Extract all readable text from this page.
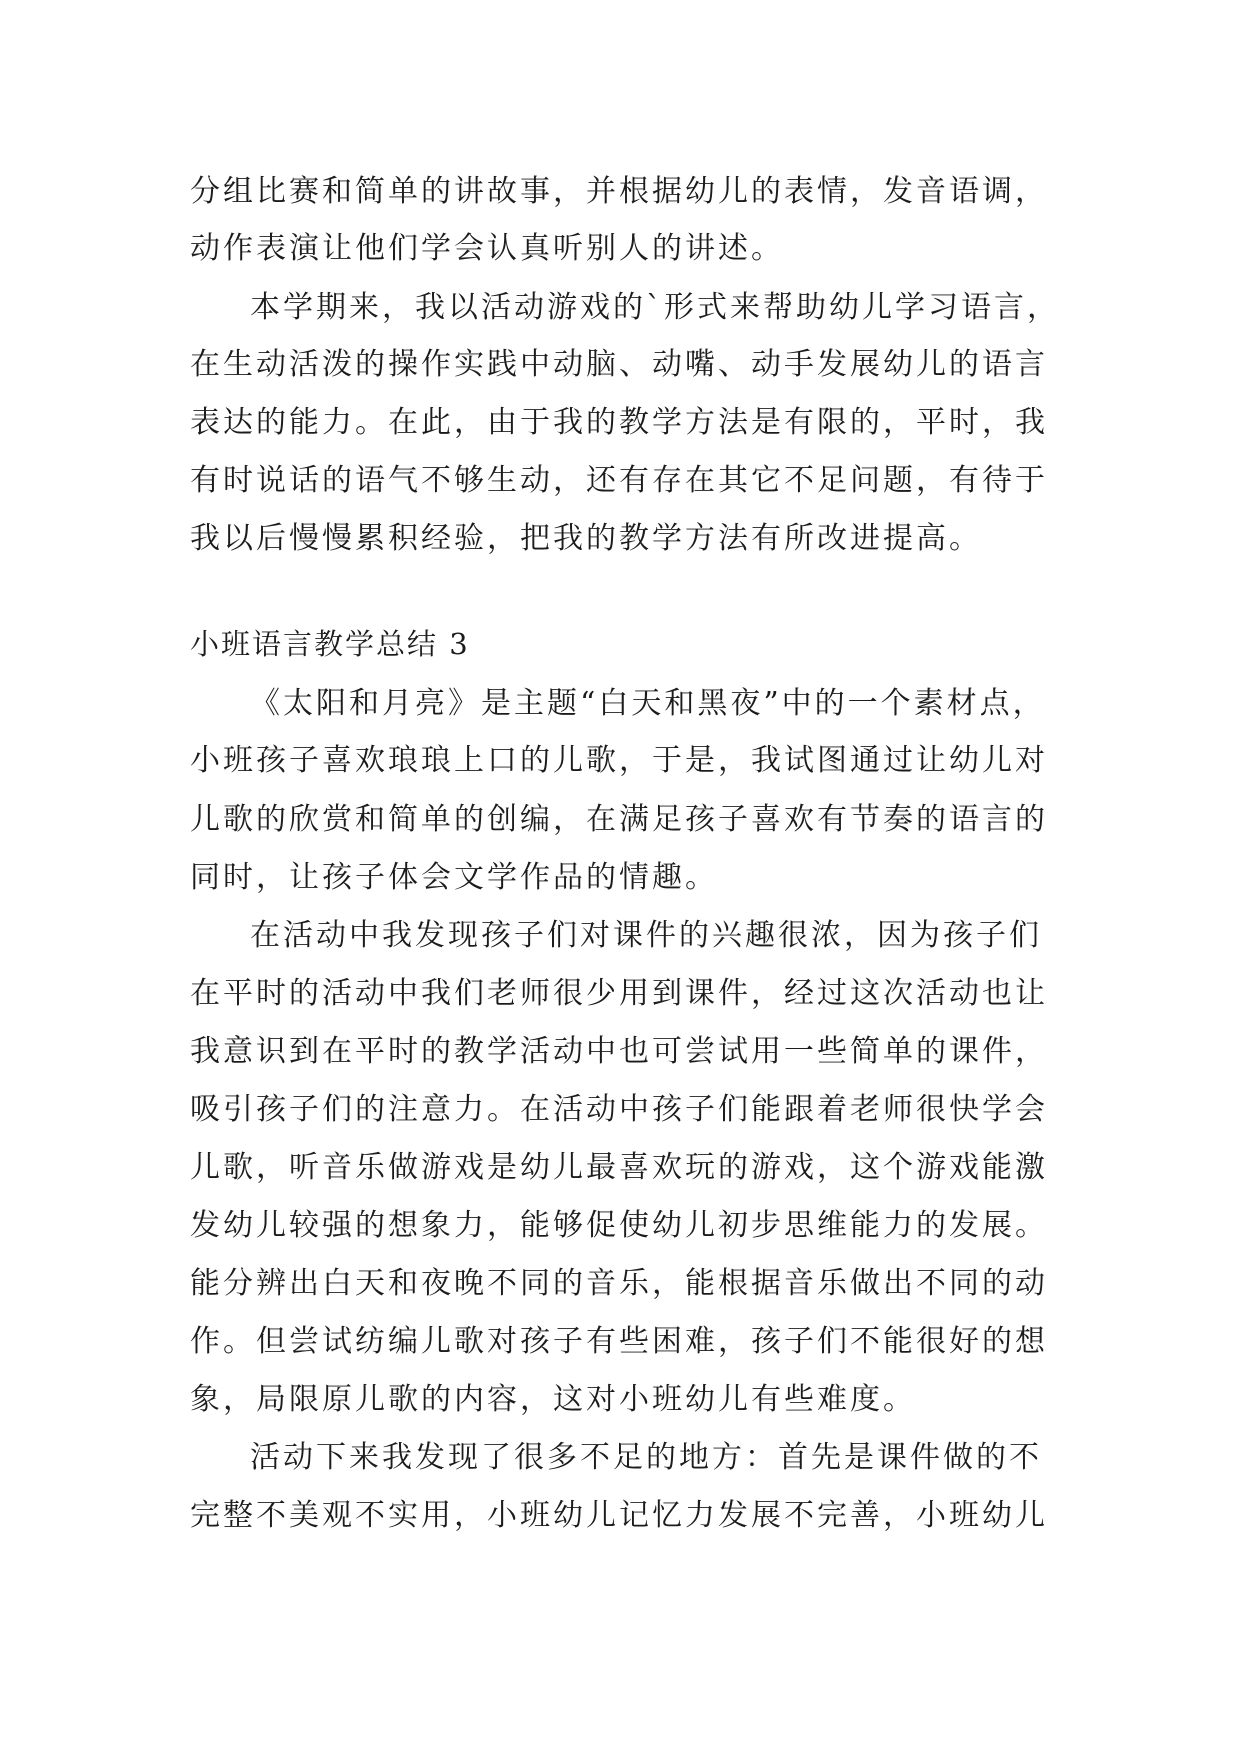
分组比赛和简单的讲故事，并根据幼儿的表情，发音语调，

动作表演让他们学会认真听别人的讲述。

本学期来，我以活动游戏的`形式来帮助幼儿学习语言，

在生动活泼的操作实践中动脑、动嘴、动手发展幼儿的语言

表达的能力。在此，由于我的教学方法是有限的，平时，我

有时说话的语气不够生动，还有存在其它不足问题，有待于

我以后慢慢累积经验，把我的教学方法有所改进提高。

小班语言教学总结 3

《太阳和月亮》是主题“白天和黑夜”中的一个素材点，

小班孩子喜欢琅琅上口的儿歌，于是，我试图通过让幼儿对

儿歌的欣赏和简单的创编，在满足孩子喜欢有节奏的语言的

同时，让孩子体会文学作品的情趣。

在活动中我发现孩子们对课件的兴趣很浓，因为孩子们

在平时的活动中我们老师很少用到课件，经过这次活动也让

我意识到在平时的教学活动中也可尝试用一些简单的课件，

吸引孩子们的注意力。在活动中孩子们能跟着老师很快学会

儿歌，听音乐做游戏是幼儿最喜欢玩的游戏，这个游戏能激

发幼儿较强的想象力，能够促使幼儿初步思维能力的发展。

能分辨出白天和夜晚不同的音乐，能根据音乐做出不同的动

作。但尝试纺编儿歌对孩子有些困难，孩子们不能很好的想

象，局限原儿歌的内容，这对小班幼儿有些难度。

活动下来我发现了很多不足的地方：首先是课件做的不

完整不美观不实用，小班幼儿记忆力发展不完善，小班幼儿
